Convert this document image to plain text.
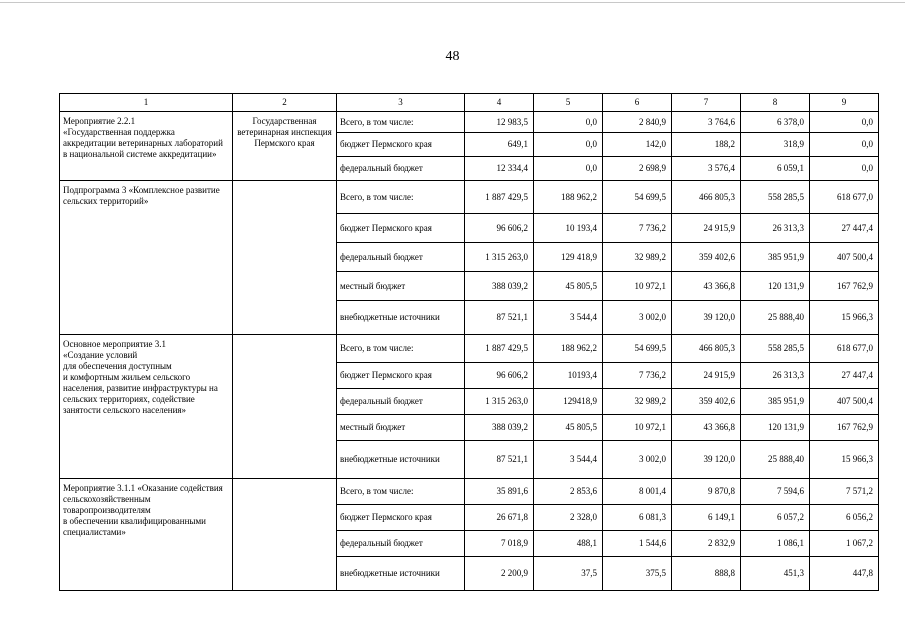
48
1	2	3	4	5	6	7	8	9
Мероприятие 2.2.1
«Государственная поддержка аккредитации ветеринарных лабораторий в национальной системе аккредитации»	Государственная ветеринарная инспекция Пермского края	Всего, в том числе:	12 983,5	0,0	2 840,9	3 764,6	6 378,0	0,0
		бюджет Пермского края	649,1	0,0	142,0	188,2	318,9	0,0
		федеральный бюджет	12 334,4	0,0	2 698,9	3 576,4	6 059,1	0,0
Подпрограмма 3 «Комплексное развитие сельских территорий»		Всего, в том числе:	1 887 429,5	188 962,2	54 699,5	466 805,3	558 285,5	618 677,0
		бюджет Пермского края	96 606,2	10 193,4	7 736,2	24 915,9	26 313,3	27 447,4
		федеральный бюджет	1 315 263,0	129 418,9	32 989,2	359 402,6	385 951,9	407 500,4
		местный бюджет	388 039,2	45 805,5	10 972,1	43 366,8	120 131,9	167 762,9
		внебюджетные источники	87 521,1	3 544,4	3 002,0	39 120,0	25 888,40	15 966,3
Основное мероприятие 3.1
«Создание условий
для обеспечения доступным
и комфортным жильем сельского населения, развитие инфраструктуры на сельских территориях, содействие занятости сельского населения»		Всего, в том числе:	1 887 429,5	188 962,2	54 699,5	466 805,3	558 285,5	618 677,0
		бюджет Пермского края	96 606,2	10193,4	7 736,2	24 915,9	26 313,3	27 447,4
		федеральный бюджет	1 315 263,0	129418,9	32 989,2	359 402,6	385 951,9	407 500,4
		местный бюджет	388 039,2	45 805,5	10 972,1	43 366,8	120 131,9	167 762,9
		внебюджетные источники	87 521,1	3 544,4	3 002,0	39 120,0	25 888,40	15 966,3
Мероприятие 3.1.1 «Оказание содействия сельскохозяйственным товаропроизводителям
в обеспечении квалифицированными специалистами»		Всего, в том числе:	35 891,6	2 853,6	8 001,4	9 870,8	7 594,6	7 571,2
		бюджет Пермского края	26 671,8	2 328,0	6 081,3	6 149,1	6 057,2	6 056,2
		федеральный бюджет	7 018,9	488,1	1 544,6	2 832,9	1 086,1	1 067,2
		внебюджетные источники	2 200,9	37,5	375,5	888,8	451,3	447,8
